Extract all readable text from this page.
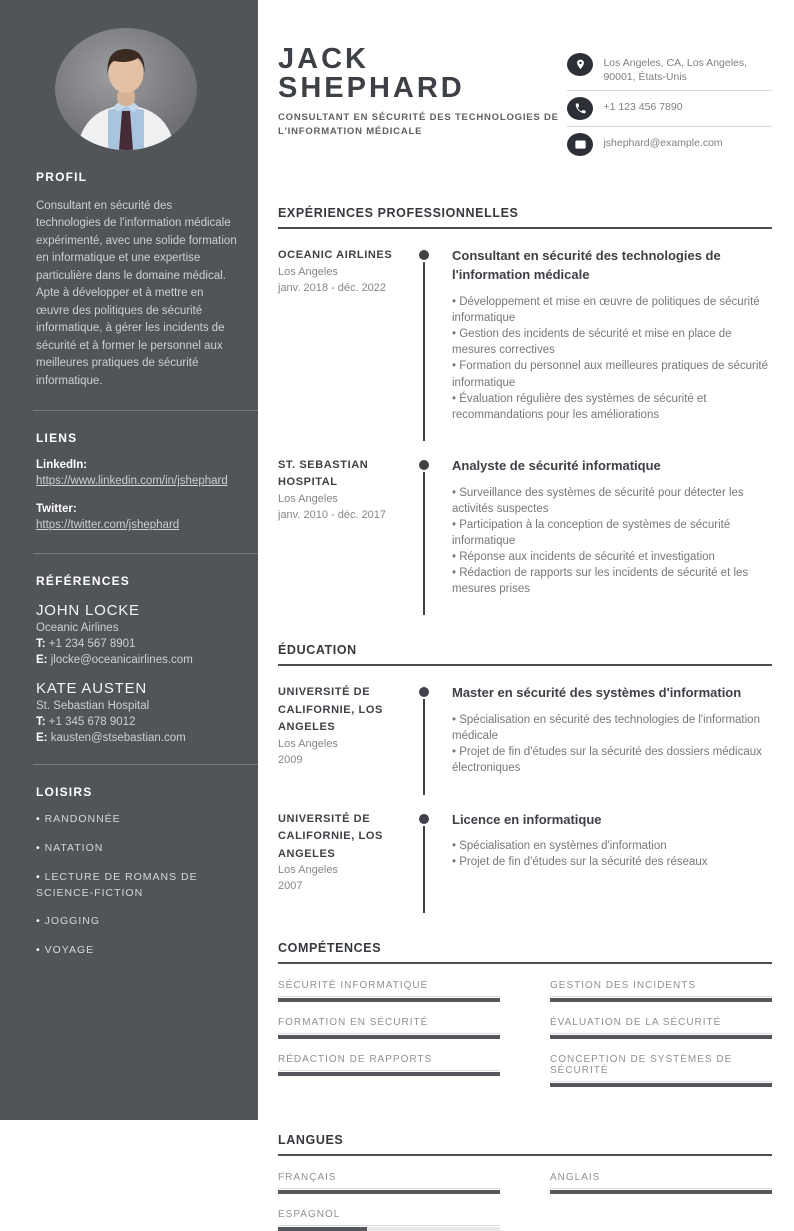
PROFIL

Consultant en sécurité des technologies de l'information médicale expérimenté, avec une solide formation en informatique et une expertise particulière dans le domaine médical. Apte à développer et à mettre en œuvre des politiques de sécurité informatique, à gérer les incidents de sécurité et à former le personnel aux meilleures pratiques de sécurité informatique.

LIENS
LinkedIn:
https://www.linkedin.com/in/jshephard
Twitter:
https://twitter.com/jshephard
RÉFÉRENCES
JOHN LOCKE
Oceanic Airlines
T: +1 234 567 8901
E: jlocke@oceanicairlines.com
KATE AUSTEN
St. Sebastian Hospital
T: +1 345 678 9012
E: kausten@stsebastian.com
LOISIRS
• RANDONNÉE
• NATATION
• LECTURE DE ROMANS DE SCIENCE-FICTION
• JOGGING
• VOYAGE
JACK
SHEPHARD
CONSULTANT EN SÉCURITÉ DES TECHNOLOGIES DE L'INFORMATION MÉDICALE
Los Angeles, CA, Los Angeles, 90001, États-Unis
+1 123 456 7890
jshephard@example.com
EXPÉRIENCES PROFESSIONNELLES
OCEANIC AIRLINES
Los Angeles
janv. 2018 - déc. 2022
Consultant en sécurité des technologies de l'information médicale
• Développement et mise en œuvre de politiques de sécurité informatique
• Gestion des incidents de sécurité et mise en place de mesures correctives
• Formation du personnel aux meilleures pratiques de sécurité informatique
• Évaluation régulière des systèmes de sécurité et recommandations pour les améliorations
ST. SEBASTIAN HOSPITAL
Los Angeles
janv. 2010 - déc. 2017
Analyste de sécurité informatique
• Surveillance des systèmes de sécurité pour détecter les activités suspectes
• Participation à la conception de systèmes de sécurité informatique
• Réponse aux incidents de sécurité et investigation
• Rédaction de rapports sur les incidents de sécurité et les mesures prises
ÉDUCATION
UNIVERSITÉ DE CALIFORNIE, LOS ANGELES
Los Angeles
2009
Master en sécurité des systèmes d'information
• Spécialisation en sécurité des technologies de l'information médicale
• Projet de fin d'études sur la sécurité des dossiers médicaux électroniques
UNIVERSITÉ DE CALIFORNIE, LOS ANGELES
Los Angeles
2007
Licence en informatique
• Spécialisation en systèmes d'information
• Projet de fin d'études sur la sécurité des réseaux
COMPÉTENCES
SÉCURITÉ INFORMATIQUE	GESTION DES INCIDENTS
FORMATION EN SÉCURITÉ	ÉVALUATION DE LA SÉCURITÉ
RÉDACTION DE RAPPORTS	CONCEPTION DE SYSTÈMES DE SÉCURITÉ
LANGUES
FRANÇAIS	ANGLAIS
ESPAGNOL
